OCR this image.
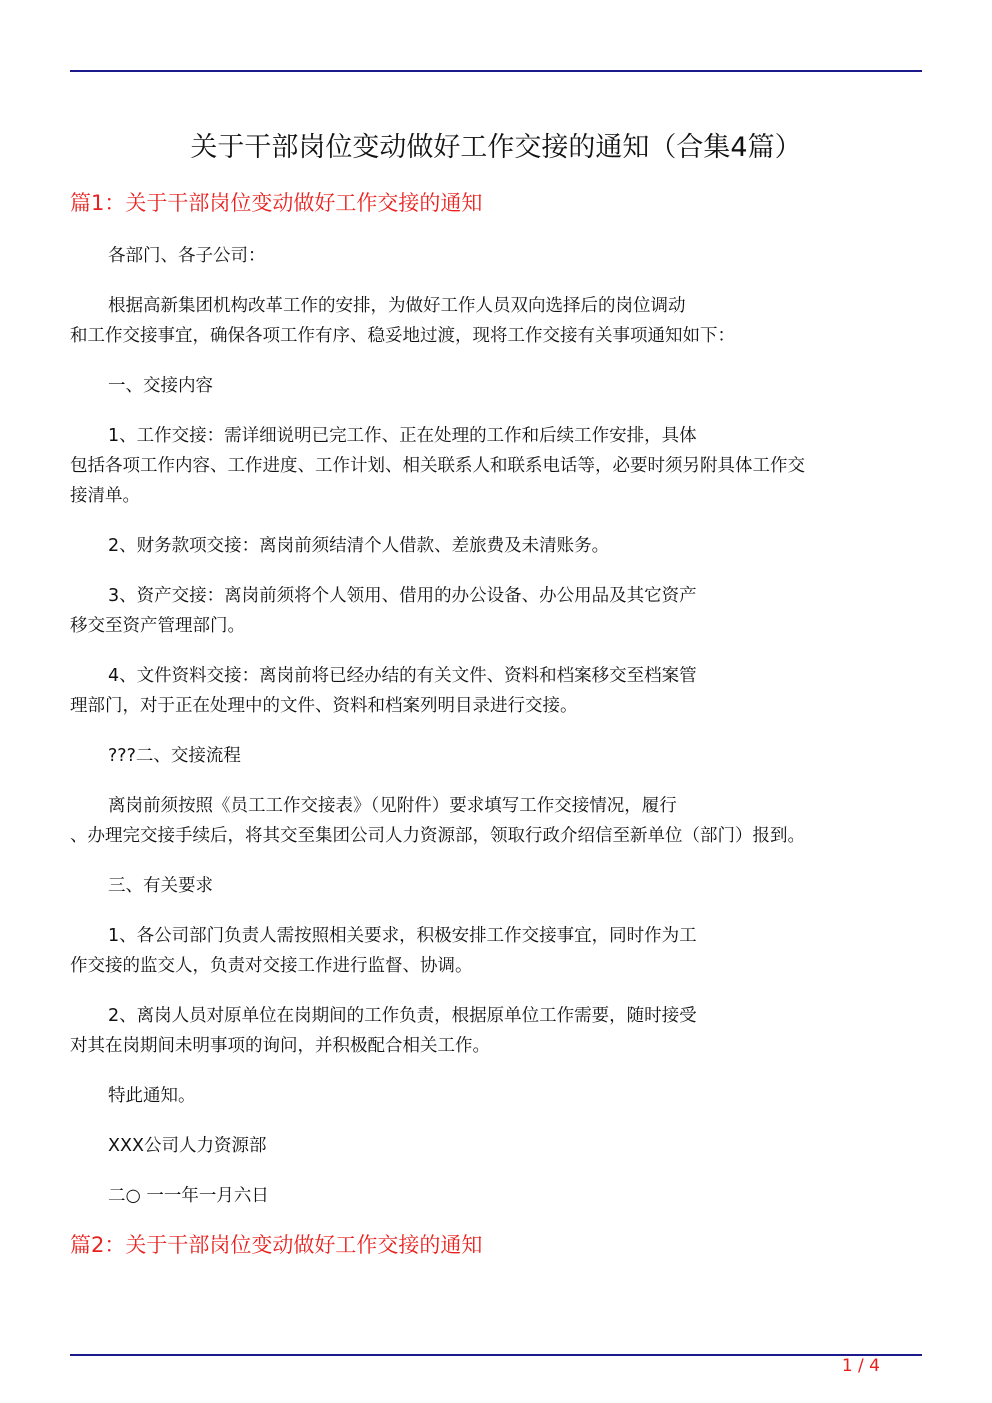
关于干部岗位变动做好工作交接的通知（合集4篇）
篇1：关于干部岗位变动做好工作交接的通知
各部门、各子公司：
根据高新集团机构改革工作的安排，为做好工作人员双向选择后的岗位调动
和工作交接事宜，确保各项工作有序、稳妥地过渡，现将工作交接有关事项通知如下：
一、交接内容
1、工作交接：需详细说明已完工作、正在处理的工作和后续工作安排，具体
包括各项工作内容、工作进度、工作计划、相关联系人和联系电话等，必要时须另附具体工作交
接清单。
2、财务款项交接：离岗前须结清个人借款、差旅费及未清账务。
3、资产交接：离岗前须将个人领用、借用的办公设备、办公用品及其它资产
移交至资产管理部门。
4、文件资料交接：离岗前将已经办结的有关文件、资料和档案移交至档案管
理部门，对于正在处理中的文件、资料和档案列明目录进行交接。
???二、交接流程
离岗前须按照《员工工作交接表》（见附件）要求填写工作交接情况，履行
、办理完交接手续后，将其交至集团公司人力资源部，领取行政介绍信至新单位（部门）报到。
三、有关要求
1、各公司部门负责人需按照相关要求，积极安排工作交接事宜，同时作为工
作交接的监交人，负责对交接工作进行监督、协调。
2、离岗人员对原单位在岗期间的工作负责，根据原单位工作需要，随时接受
对其在岗期间未明事项的询问，并积极配合相关工作。
特此通知。
XXX公司人力资源部
二○ 一一年一月六日
篇2：关于干部岗位变动做好工作交接的通知
1 / 4
